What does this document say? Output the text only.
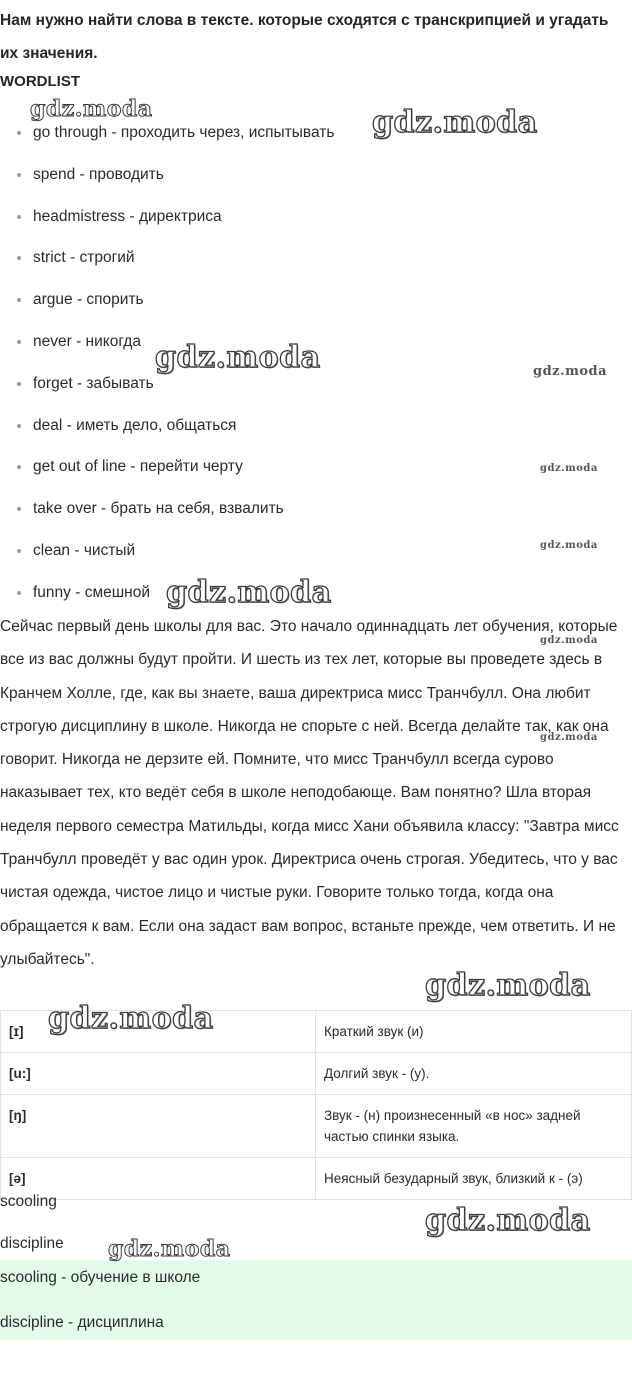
Нам нужно найти слова в тексте. которые сходятся с транскрипцией и угадать их значения.

WORDLIST

go through - проходить через, испытывать
spend - проводить
headmistress - директриса
strict - строгий
argue - спорить
never - никогда
forget - забывать
deal - иметь дело, общаться
get out of line - перейти черту
take over - брать на себя, взвалить
clean - чистый
funny - смешной

Сейчас первый день школы для вас. Это начало одиннадцать лет обучения, которые все из вас должны будут пройти. И шесть из тех лет, которые вы проведете здесь в Кранчем Холле, где, как вы знаете, ваша директриса мисс Транчбулл. Она любит строгую дисциплину в школе. Никогда не спорьте с ней. Всегда делайте так, как она говорит. Никогда не дерзите ей. Помните, что мисс Транчбулл всегда сурово наказывает тех, кто ведёт себя в школе неподобающе. Вам понятно? Шла вторая неделя первого семестра Матильды, когда мисс Хани объявила классу: "Завтра мисс Транчбулл проведёт у вас один урок. Директриса очень строгая. Убедитесь, что у вас чистая одежда, чистое лицо и чистые руки. Говорите только тогда, когда она обращается к вам. Если она задаст вам вопрос, встаньте прежде, чем ответить. И не улыбайтесь".

[ɪ]	Краткий звук (и)
[u:]	Долгий звук - (у).
[ŋ]	Звук - (н) произнесенный «в нос» задней частью спинки языка.
[ə]	Неясный безударный звук, близкий к - (э)
scooling
discipline
scooling - обучение в школе
discipline - дисциплина
gdz.moda	gdz.moda
gdz.moda	gdz.moda
gdz.moda
gdz.moda
gdz.moda
gdz.moda
gdz.moda
gdz.moda
gdz.moda
gdz.moda
gdz.moda
